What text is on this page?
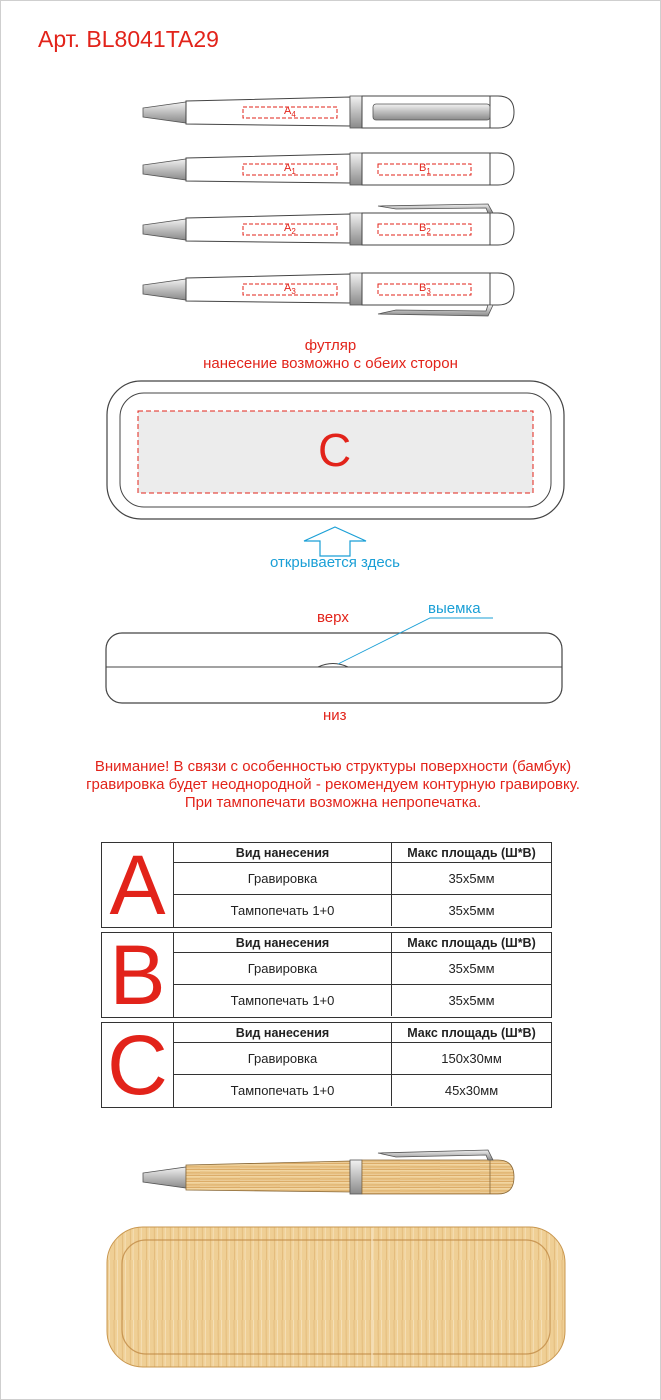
Арт. BL8041TA29
$A_4$
$A_1$	$B_1$
$A_2$	$B_2$
$A_3$	$B_3$
футляр
нанесение возможно с обеих сторон
C
открывается здесь
верх
выемка
низ
Внимание! В связи с особенностью структуры поверхности (бамбук)
гравировка будет неоднородной - рекомендуем контурную гравировку.
При тампопечати возможна непропечатка.
A	Вид нанесения	Макс площадь (Ш*В)
Гравировка	35x5мм
Тампопечать 1+0	35x5мм
B	Вид нанесения	Макс площадь (Ш*В)
Гравировка	35x5мм
Тампопечать 1+0	35x5мм
C	Вид нанесения	Макс площадь (Ш*В)
Гравировка	150x30мм
Тампопечать 1+0	45x30мм
